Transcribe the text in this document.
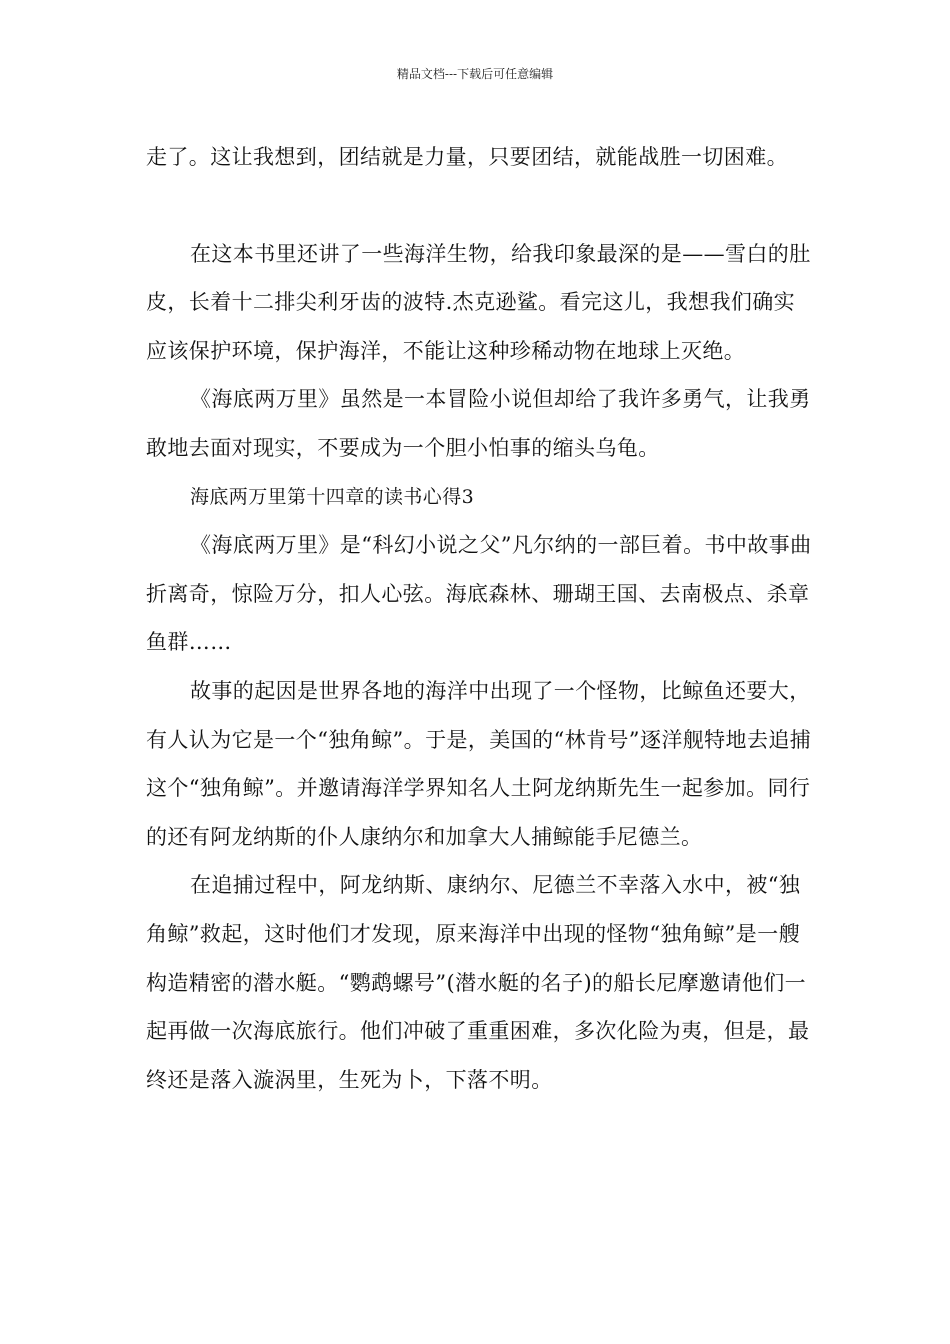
精品文档---下载后可任意编辑

走了。这让我想到，团结就是力量，只要团结，就能战胜一切困难。

在这本书里还讲了一些海洋生物，给我印象最深的是——雪白的肚皮，长着十二排尖利牙齿的波特.杰克逊鲨。看完这儿，我想我们确实应该保护环境，保护海洋，不能让这种珍稀动物在地球上灭绝。

《海底两万里》虽然是一本冒险小说但却给了我许多勇气，让我勇敢地去面对现实，不要成为一个胆小怕事的缩头乌龟。

海底两万里第十四章的读书心得3

《海底两万里》是“科幻小说之父”凡尔纳的一部巨着。书中故事曲折离奇，惊险万分，扣人心弦。海底森林、珊瑚王国、去南极点、杀章鱼群……

故事的起因是世界各地的海洋中出现了一个怪物，比鲸鱼还要大，有人认为它是一个“独角鲸”。于是，美国的“林肯号”逐洋舰特地去追捕这个“独角鲸”。并邀请海洋学界知名人土阿龙纳斯先生一起参加。同行的还有阿龙纳斯的仆人康纳尔和加拿大人捕鲸能手尼德兰。

在追捕过程中，阿龙纳斯、康纳尔、尼德兰不幸落入水中，被“独角鲸”救起，这时他们才发现，原来海洋中出现的怪物“独角鲸”是一艘构造精密的潜水艇。“鹦鹉螺号”(潜水艇的名子)的船长尼摩邀请他们一起再做一次海底旅行。他们冲破了重重困难，多次化险为夷，但是，最终还是落入漩涡里，生死为卜，下落不明。
